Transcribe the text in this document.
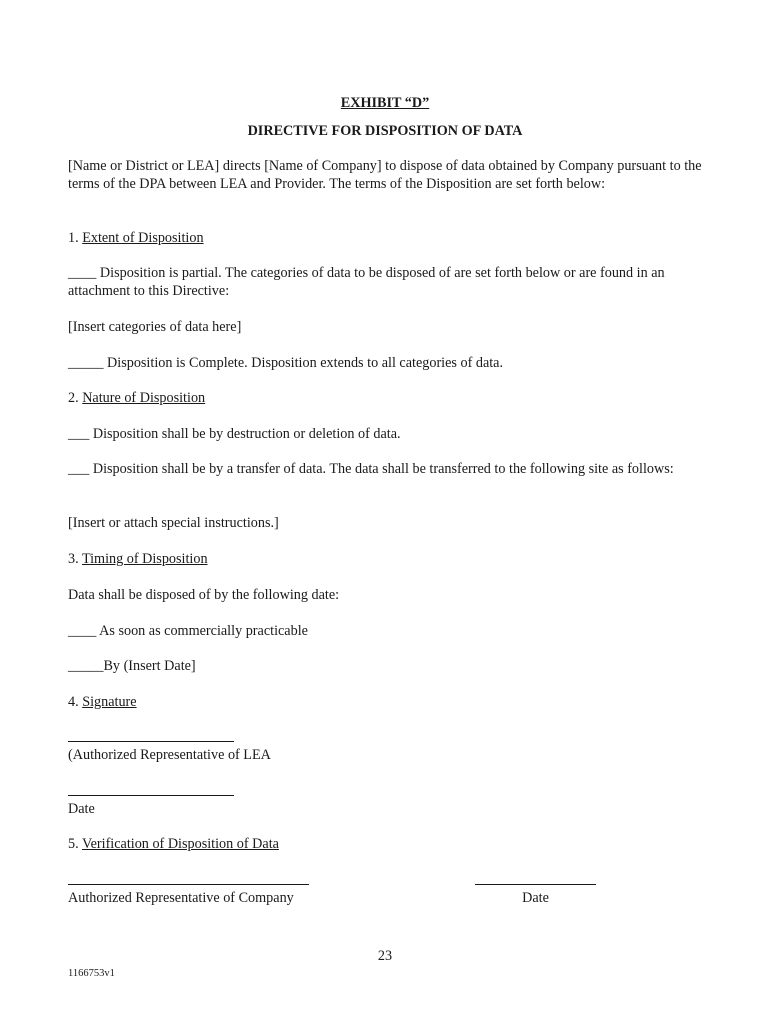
EXHIBIT “D”
DIRECTIVE FOR DISPOSITION OF DATA
[Name or District or LEA] directs [Name of Company] to dispose of data obtained by Company pursuant to the terms of the DPA between LEA and Provider. The terms of the Disposition are set forth below:
1. Extent of Disposition
____ Disposition is partial. The categories of data to be disposed of are set forth below or are found in an attachment to this Directive:
[Insert categories of data here]
_____ Disposition is Complete. Disposition extends to all categories of data.
2. Nature of Disposition
___ Disposition shall be by destruction or deletion of data.
___ Disposition shall be by a transfer of data. The data shall be transferred to the following site as follows:
[Insert or attach special instructions.]
3. Timing of Disposition
Data shall be disposed of by the following date:
____ As soon as commercially practicable
_____By (Insert Date]
4. Signature
(Authorized Representative of LEA
Date
5. Verification of Disposition of Data
Authorized Representative of Company	Date
23
1166753v1
